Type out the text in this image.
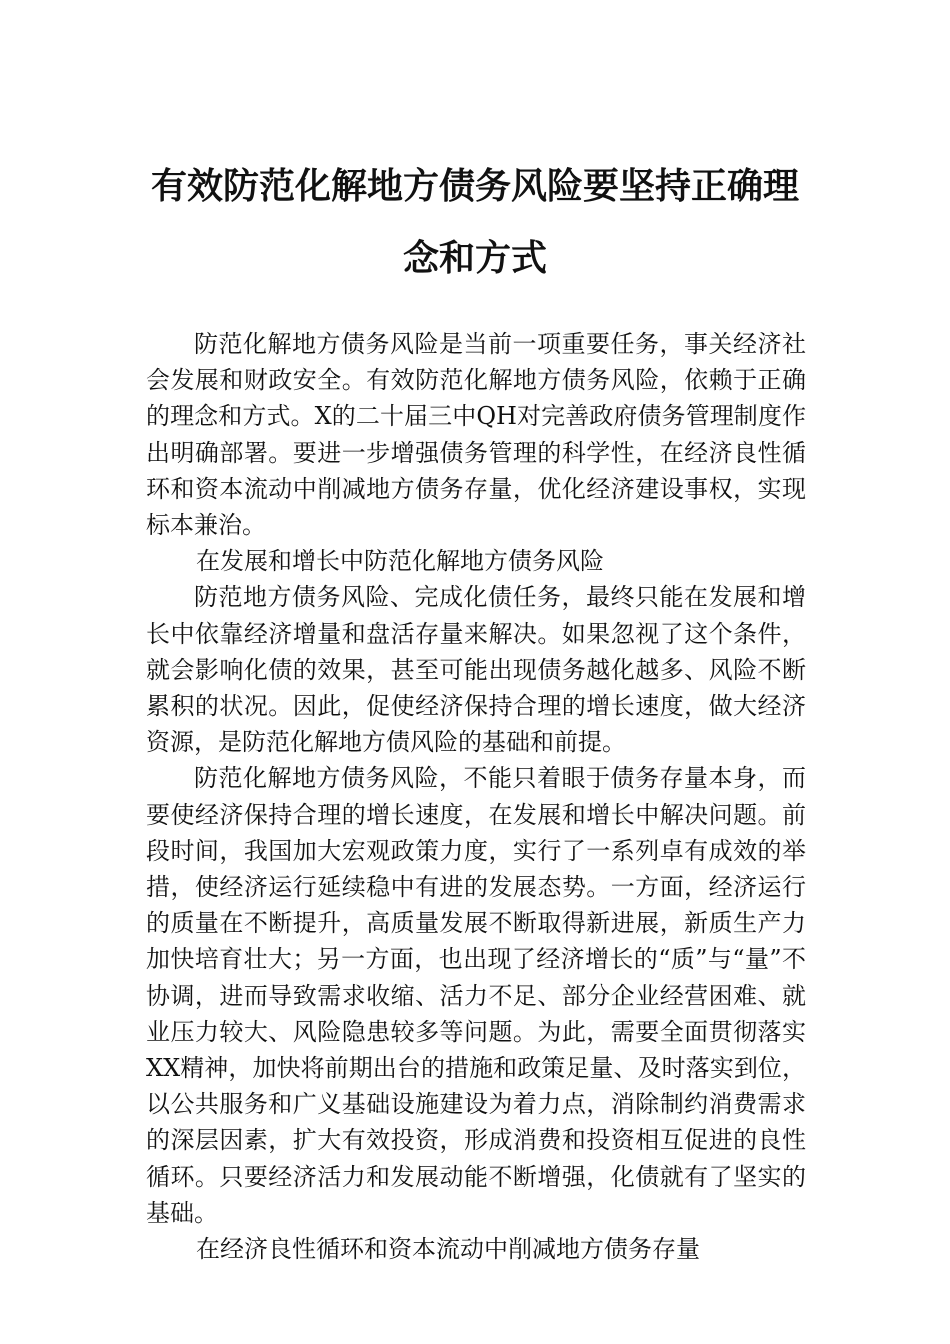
有效防范化解地方债务风险要坚持正确理
念和方式

防范化解地方债务风险是当前一项重要任务，事关经济社会发展和财政安全。有效防范化解地方债务风险，依赖于正确的理念和方式。X的二十届三中QH对完善政府债务管理制度作出明确部署。要进一步增强债务管理的科学性，在经济良性循环和资本流动中削减地方债务存量，优化经济建设事权，实现标本兼治。

在发展和增长中防范化解地方债务风险

防范地方债务风险、完成化债任务，最终只能在发展和增长中依靠经济增量和盘活存量来解决。如果忽视了这个条件，就会影响化债的效果，甚至可能出现债务越化越多、风险不断累积的状况。因此，促使经济保持合理的增长速度，做大经济资源，是防范化解地方债风险的基础和前提。

防范化解地方债务风险，不能只着眼于债务存量本身，而要使经济保持合理的增长速度，在发展和增长中解决问题。前段时间，我国加大宏观政策力度，实行了一系列卓有成效的举措，使经济运行延续稳中有进的发展态势。一方面，经济运行的质量在不断提升，高质量发展不断取得新进展，新质生产力加快培育壮大；另一方面，也出现了经济增长的“质”与“量”不协调，进而导致需求收缩、活力不足、部分企业经营困难、就业压力较大、风险隐患较多等问题。为此，需要全面贯彻落实XX精神，加快将前期出台的措施和政策足量、及时落实到位，以公共服务和广义基础设施建设为着力点，消除制约消费需求的深层因素，扩大有效投资，形成消费和投资相互促进的良性循环。只要经济活力和发展动能不断增强，化债就有了坚实的基础。

在经济良性循环和资本流动中削减地方债务存量
